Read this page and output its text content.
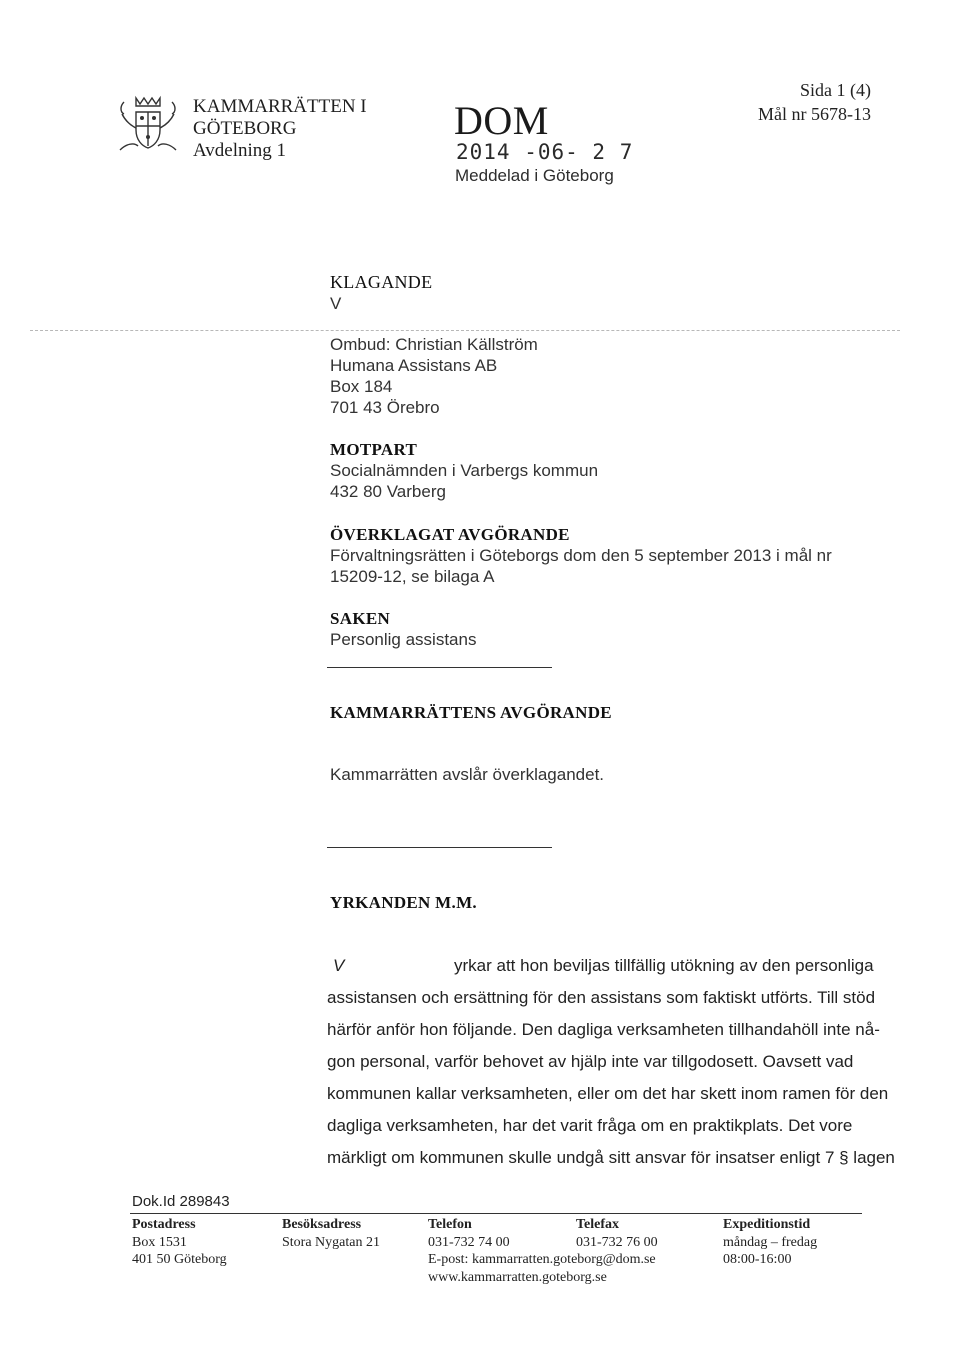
KAMMARRÄTTEN I
GÖTEBORG
Avdelning 1
DOM
2014 -06- 2 7
Meddelad i Göteborg
Sida 1 (4)
Mål nr 5678-13
KLAGANDE
V
Ombud: Christian Källström
Humana Assistans AB
Box 184
701 43 Örebro
MOTPART
Socialnämnden i Varbergs kommun
432 80 Varberg
ÖVERKLAGAT AVGÖRANDE
Förvaltningsrätten i Göteborgs dom den 5 september 2013 i mål nr
15209-12, se bilaga A
SAKEN
Personlig assistans
KAMMARRÄTTENS AVGÖRANDE
Kammarrätten avslår överklagandet.
YRKANDEN M.M.
V	yrkar att hon beviljas tillfällig utökning av den personliga
assistansen och ersättning för den assistans som faktiskt utförts. Till stöd
härför anför hon följande. Den dagliga verksamheten tillhandahöll inte nå-
gon personal, varför behovet av hjälp inte var tillgodosett. Oavsett vad
kommunen kallar verksamheten, eller om det har skett inom ramen för den
dagliga verksamheten, har det varit fråga om en praktikplats. Det vore
märkligt om kommunen skulle undgå sitt ansvar för insatser enligt 7 § lagen
Dok.Id 289843
Postadress
Box 1531
401 50 Göteborg
Besöksadress
Stora Nygatan 21
Telefon
031-732 74 00
E-post: kammarratten.goteborg@dom.se
www.kammarratten.goteborg.se
Telefax
031-732 76 00
Expeditionstid
måndag – fredag
08:00-16:00
